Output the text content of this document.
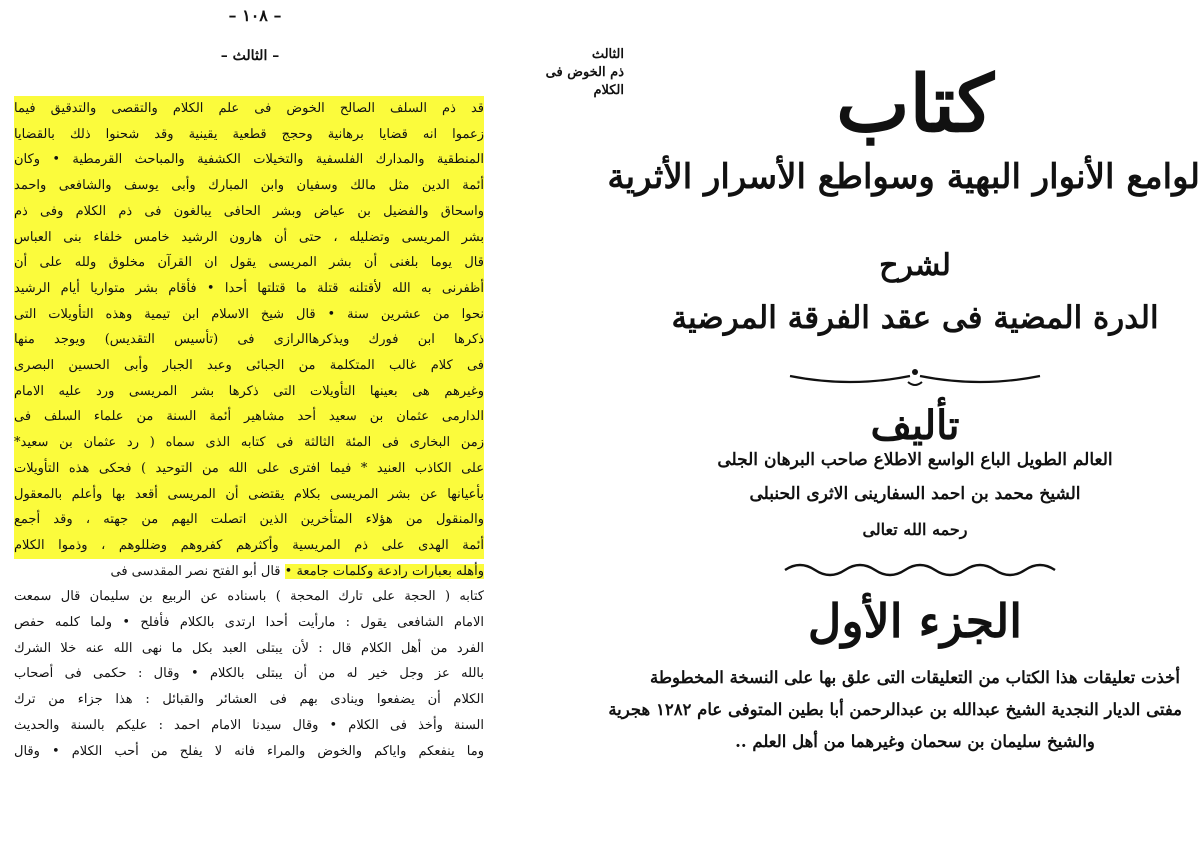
– ١٠٨ –
– الثالث –	الثالث
ذم الخوض فى
الكلام
قد ذم السلف الصالح الخوض فى علم الكلام والتقصى والتدقيق فيما
زعموا انه قضايا برهانية وحجج قطعية يقينية وقد شحنوا ذلك بالقضايا
المنطقية والمدارك الفلسفية والتخيلات الكشفية والمباحث القرمطية • وكان
أئمة الدين مثل مالك وسفيان وابن المبارك وأبى يوسف والشافعى واحمد
واسحاق والفضيل بن عياض وبشر الحافى يبالغون فى ذم الكلام وفى ذم
بشر المريسى وتضليله ، حتى أن هارون الرشيد خامس خلفاء بنى العباس
قال يوما بلغنى أن بشر المريسى يقول ان القرآن مخلوق ولله على أن
أظفرنى به الله لأقتلنه قتلة ما قتلتها أحدا • فأقام بشر متواريا أيام الرشيد
نحوا من عشرين سنة • قال شيخ الاسلام ابن تيمية وهذه التأويلات التى
ذكرها ابن فورك ويذكرهاالرازى فى (تأسيس التقديس) ويوجد منها
فى كلام غالب المتكلمة من الجبائى وعبد الجبار وأبى الحسين البصرى
وغيرهم هى بعينها التأويلات التى ذكرها بشر المريسى ورد عليه الامام
الدارمى عثمان بن سعيد أحد مشاهير أئمة السنة من علماء السلف فى
زمن البخارى فى المئة الثالثة فى كتابه الذى سماه ( رد عثمان بن سعيد*
على الكاذب العنيد * فيما افترى على الله من التوحيد ) فحكى هذه التأويلات
بأعيانها عن بشر المريسى بكلام يقتضى أن المريسى أقعد بها وأعلم بالمعقول
والمنقول من هؤلاء المتأخرين الذين اتصلت اليهم من جهته ، وقد أجمع
أئمة الهدى على ذم المريسية وأكثرهم كفروهم وضللوهم ، وذموا الكلام
وأهله بعبارات رادعة وكلمات جامعة • قال أبو الفتح نصر المقدسى فى
كتابه ( الحجة على تارك المحجة ) باسناده عن الربيع بن سليمان قال سمعت
الامام الشافعى يقول : مارأيت أحدا ارتدى بالكلام فأفلح • ولما كلمه حفص
الفرد من أهل الكلام قال : لأن يبتلى العبد بكل ما نهى الله عنه خلا الشرك
بالله عز وجل خير له من أن يبتلى بالكلام • وقال : حكمى فى أصحاب
الكلام أن يضفعوا وينادى بهم فى العشائر والقبائل : هذا جزاء من ترك
السنة وأخذ فى الكلام • وقال سيدنا الامام احمد : عليكم بالسنة والحديث
وما ينفعكم واياكم والخوض والمراء فانه لا يفلح من أحب الكلام • وقال
كتاب
لوامع الأنوار البهية وسواطع الأسرار الأثرية
لشرح
الدرة المضية فى عقد الفرقة المرضية
تأليف
العالم الطويل الباع الواسع الاطلاع صاحب البرهان الجلى
الشيخ محمد بن احمد السفارينى الاثرى الحنبلى
رحمه الله تعالى
الجزء الأول
أخذت تعليقات هذا الكتاب من التعليقات التى علق بها على النسخة المخطوطة
مفتى الديار النجدية الشيخ عبدالله بن عبدالرحمن أبا بطين المتوفى عام ١٢٨٢ هجرية
والشيخ سليمان بن سحمان وغيرهما من أهل العلم ..
